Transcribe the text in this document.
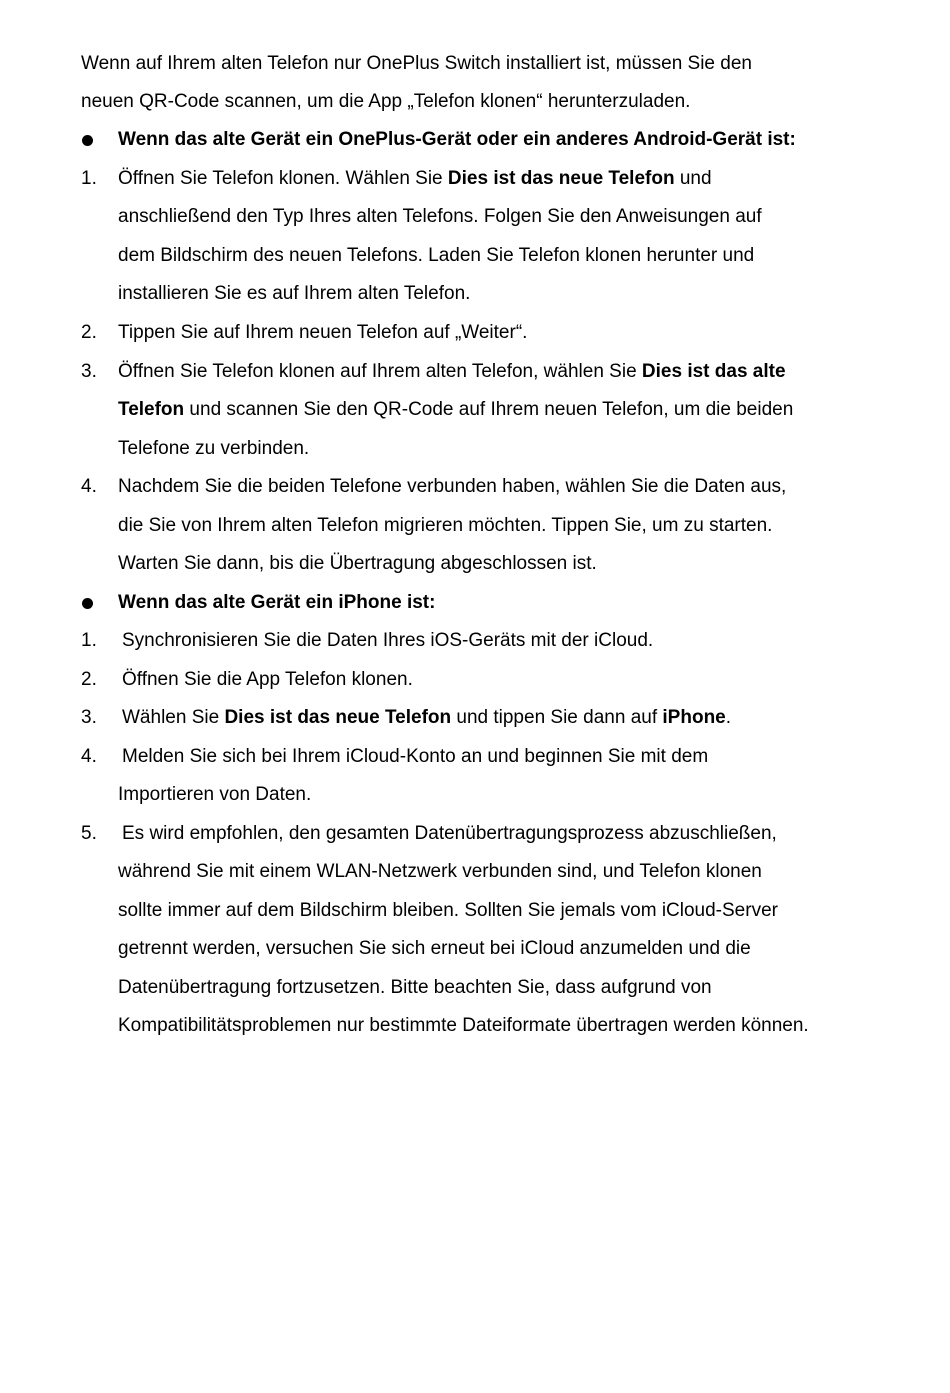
Wenn auf Ihrem alten Telefon nur OnePlus Switch installiert ist, müssen Sie den
neuen QR-Code scannen, um die App „Telefon klonen“ herunterzuladen.
Wenn das alte Gerät ein OnePlus-Gerät oder ein anderes Android-Gerät ist:
1. Öffnen Sie Telefon klonen. Wählen Sie Dies ist das neue Telefon und
anschließend den Typ Ihres alten Telefons. Folgen Sie den Anweisungen auf
dem Bildschirm des neuen Telefons. Laden Sie Telefon klonen herunter und
installieren Sie es auf Ihrem alten Telefon.
2. Tippen Sie auf Ihrem neuen Telefon auf „Weiter“.
3. Öffnen Sie Telefon klonen auf Ihrem alten Telefon, wählen Sie Dies ist das alte
Telefon und scannen Sie den QR-Code auf Ihrem neuen Telefon, um die beiden
Telefone zu verbinden.
4. Nachdem Sie die beiden Telefone verbunden haben, wählen Sie die Daten aus,
die Sie von Ihrem alten Telefon migrieren möchten. Tippen Sie, um zu starten.
Warten Sie dann, bis die Übertragung abgeschlossen ist.
Wenn das alte Gerät ein iPhone ist:
1. Synchronisieren Sie die Daten Ihres iOS-Geräts mit der iCloud.
2. Öffnen Sie die App Telefon klonen.
3. Wählen Sie Dies ist das neue Telefon und tippen Sie dann auf iPhone.
4. Melden Sie sich bei Ihrem iCloud-Konto an und beginnen Sie mit dem
Importieren von Daten.
5. Es wird empfohlen, den gesamten Datenübertragungsprozess abzuschließen,
während Sie mit einem WLAN-Netzwerk verbunden sind, und Telefon klonen
sollte immer auf dem Bildschirm bleiben. Sollten Sie jemals vom iCloud-Server
getrennt werden, versuchen Sie sich erneut bei iCloud anzumelden und die
Datenübertragung fortzusetzen. Bitte beachten Sie, dass aufgrund von
Kompatibilitätsproblemen nur bestimmte Dateiformate übertragen werden können.
